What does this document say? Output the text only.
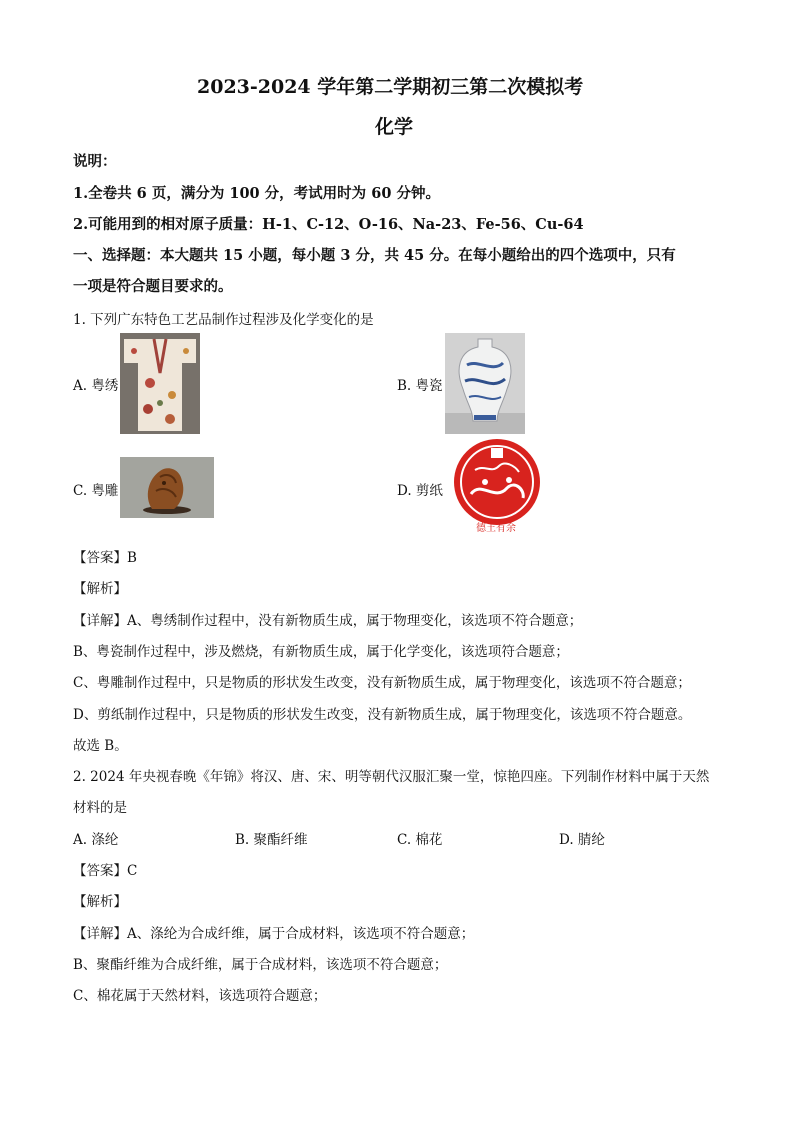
2023-2024 学年第二学期初三第二次模拟考
化学
说明：
1.全卷共 6 页，满分为 100 分，考试用时为 60 分钟。
2.可能用到的相对原子质量：H-1、C-12、O-16、Na-23、Fe-56、Cu-64
一、选择题：本大题共 15 小题，每小题 3 分，共 45 分。在每小题给出的四个选项中，只有
一项是符合题目要求的。
1. 下列广东特色工艺品制作过程涉及化学变化的是
A. 粤绣	B. 粤瓷
C. 粤雕	D. 剪纸
德王有余
【答案】B
【解析】
【详解】A、粤绣制作过程中，没有新物质生成，属于物理变化，该选项不符合题意；
B、粤瓷制作过程中，涉及燃烧，有新物质生成，属于化学变化，该选项符合题意；
C、粤雕制作过程中，只是物质的形状发生改变，没有新物质生成，属于物理变化，该选项不符合题意；
D、剪纸制作过程中，只是物质的形状发生改变，没有新物质生成，属于物理变化，该选项不符合题意。
故选 B。
2. 2024 年央视春晚《年锦》将汉、唐、宋、明等朝代汉服汇聚一堂，惊艳四座。下列制作材料中属于天然
材料的是
A. 涤纶	B. 聚酯纤维	C. 棉花	D. 腈纶
【答案】C
【解析】
【详解】A、涤纶为合成纤维，属于合成材料，该选项不符合题意；
B、聚酯纤维为合成纤维，属于合成材料，该选项不符合题意；
C、棉花属于天然材料，该选项符合题意；
